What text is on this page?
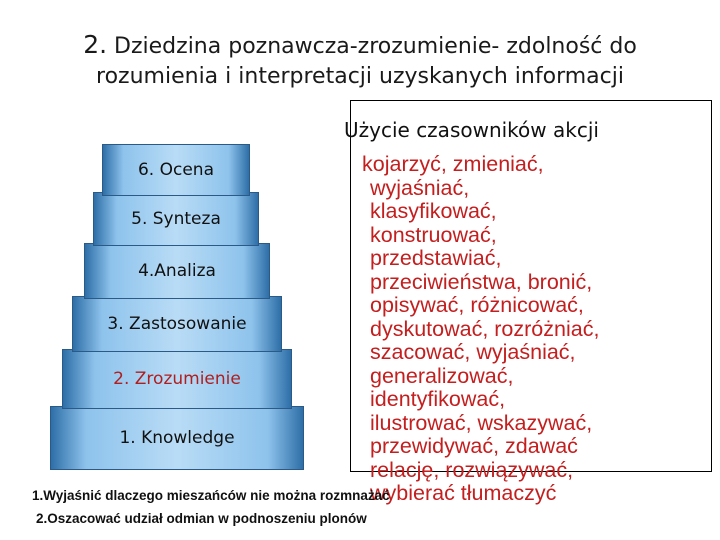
2. Dziedzina poznawcza-zrozumienie- zdolność do
rozumienia i interpretacji uzyskanych informacji
1. Knowledge
2. Zrozumienie
3. Zastosowanie
4.Analiza
5. Synteza
6. Ocena
Użycie czasowników akcji
kojarzyć, zmieniać,
wyjaśniać,
klasyfikować,
konstruować,
przedstawiać,
przeciwieństwa, bronić,
opisywać, różnicować,
dyskutować, rozróżniać,
szacować, wyjaśniać,
generalizować,
identyfikować,
ilustrować, wskazywać,
przewidywać, zdawać
relację, rozwiązywać,
wybierać tłumaczyć
1.Wyjaśnić dlaczego mieszańców nie można rozmnażać
2.Oszacować udział odmian w podnoszeniu plonów
